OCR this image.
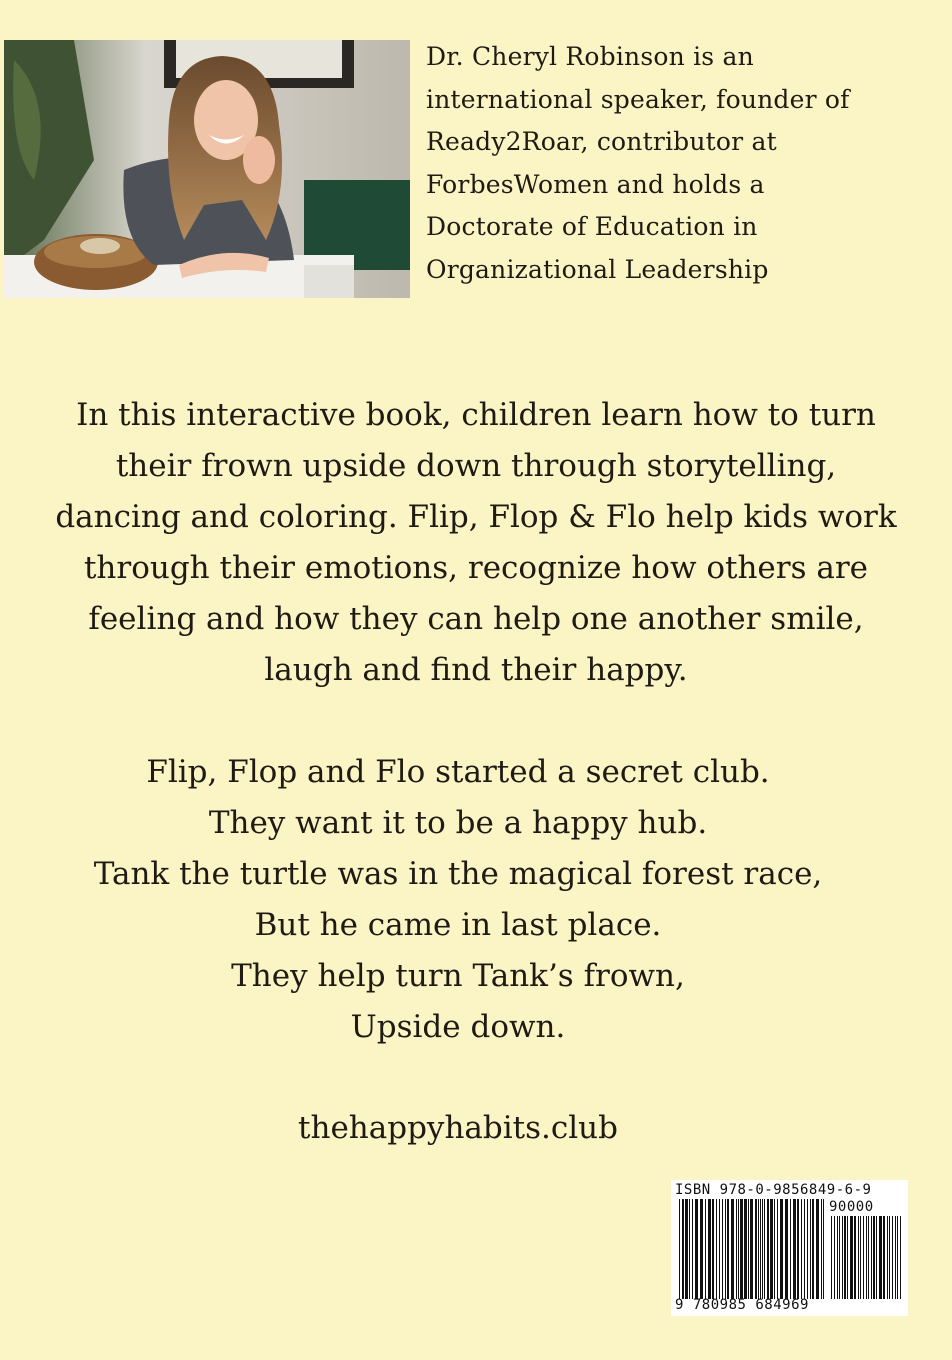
Dr. Cheryl Robinson is an
international speaker, founder of
Ready2Roar, contributor at
ForbesWomen and holds a
Doctorate of Education in
Organizational Leadership
In this interactive book, children learn how to turn
their frown upside down through storytelling,
dancing and coloring. Flip, Flop & Flo help kids work
through their emotions, recognize how others are
feeling and how they can help one another smile,
laugh and find their happy.
Flip, Flop and Flo started a secret club.
They want it to be a happy hub.
Tank the turtle was in the magical forest race,
But he came in last place.
They help turn Tank’s frown,
Upside down.
thehappyhabits.club
ISBN 978-0-9856849-6-9
90000
9 780985 684969
